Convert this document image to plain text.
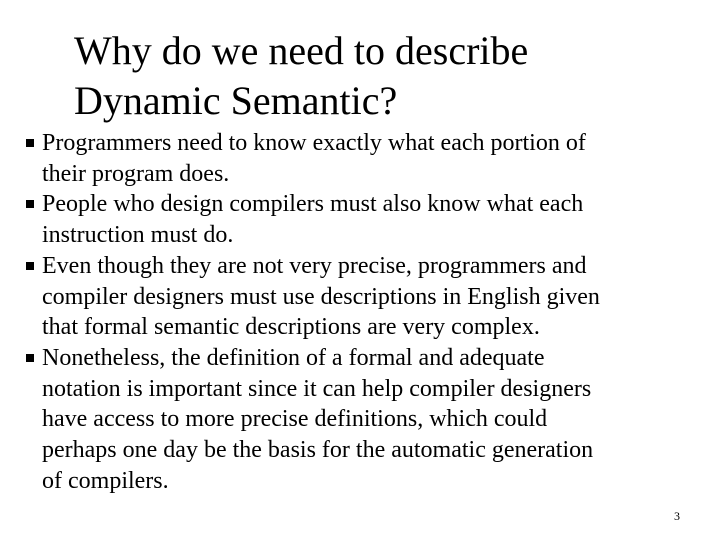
Why do we need to describe
Dynamic Semantic?
Programmers need to know exactly what each portion of
their program does.
People who design compilers must also know what each
instruction must do.
Even though they are not very precise, programmers and
compiler designers must use descriptions in English given
that formal semantic descriptions are very complex.
Nonetheless, the definition of a formal and adequate
notation is important since it can help compiler designers
have access to more precise definitions, which could
perhaps one day be the basis for the automatic generation
of compilers.
3
